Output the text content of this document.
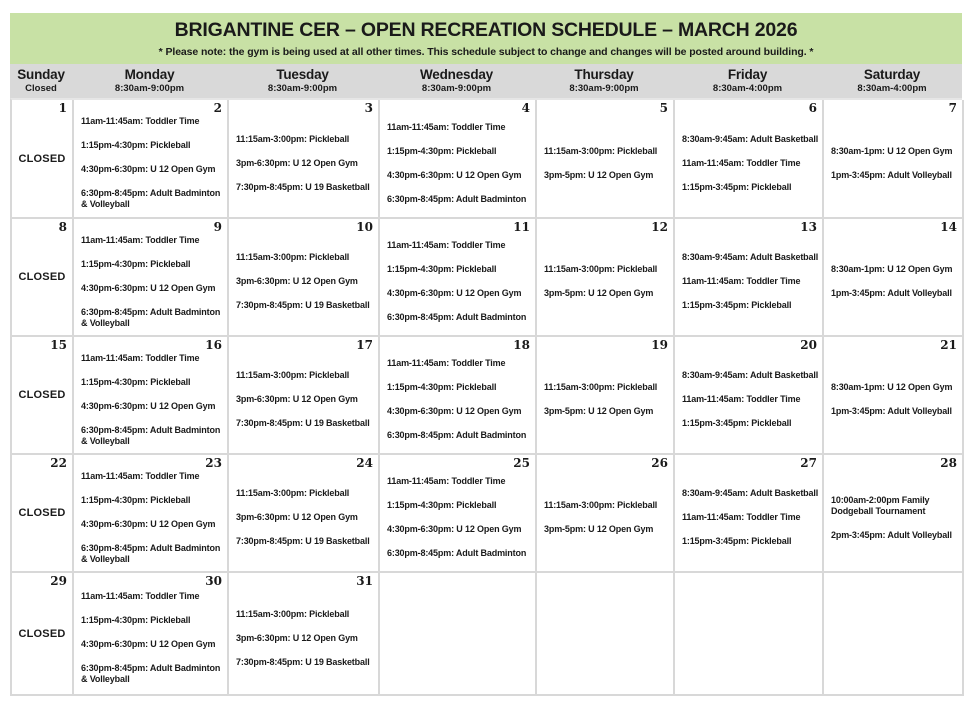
BRIGANTINE CER – OPEN RECREATION SCHEDULE – MARCH 2026
* Please note: the gym is being used at all other times. This schedule subject to change and changes will be posted around building. *
Sunday
Closed
Monday
8:30am-9:00pm
Tuesday
8:30am-9:00pm
Wednesday
8:30am-9:00pm
Thursday
8:30am-9:00pm
Friday
8:30am-4:00pm
Saturday
8:30am-4:00pm
1
CLOSED
2

11am-11:45am: Toddler Time

1:15pm-4:30pm: Pickleball

4:30pm-6:30pm: U 12 Open Gym

6:30pm-8:45pm: Adult Badminton & Volleyball

3

11:15am-3:00pm: Pickleball

3pm-6:30pm: U 12 Open Gym

7:30pm-8:45pm: U 19 Basketball

4

11am-11:45am: Toddler Time

1:15pm-4:30pm: Pickleball

4:30pm-6:30pm: U 12 Open Gym

6:30pm-8:45pm: Adult Badminton

5

11:15am-3:00pm: Pickleball

3pm-5pm: U 12 Open Gym

6

8:30am-9:45am: Adult Basketball

11am-11:45am: Toddler Time

1:15pm-3:45pm: Pickleball

7

8:30am-1pm: U 12 Open Gym

1pm-3:45pm: Adult Volleyball

8
CLOSED
9

11am-11:45am: Toddler Time

1:15pm-4:30pm: Pickleball

4:30pm-6:30pm: U 12 Open Gym

6:30pm-8:45pm: Adult Badminton & Volleyball

10

11:15am-3:00pm: Pickleball

3pm-6:30pm: U 12 Open Gym

7:30pm-8:45pm: U 19 Basketball

11

11am-11:45am: Toddler Time

1:15pm-4:30pm: Pickleball

4:30pm-6:30pm: U 12 Open Gym

6:30pm-8:45pm: Adult Badminton

12

11:15am-3:00pm: Pickleball

3pm-5pm: U 12 Open Gym

13

8:30am-9:45am: Adult Basketball

11am-11:45am: Toddler Time

1:15pm-3:45pm: Pickleball

14

8:30am-1pm: U 12 Open Gym

1pm-3:45pm: Adult Volleyball

15
CLOSED
16

11am-11:45am: Toddler Time

1:15pm-4:30pm: Pickleball

4:30pm-6:30pm: U 12 Open Gym

6:30pm-8:45pm: Adult Badminton & Volleyball

17

11:15am-3:00pm: Pickleball

3pm-6:30pm: U 12 Open Gym

7:30pm-8:45pm: U 19 Basketball

18

11am-11:45am: Toddler Time

1:15pm-4:30pm: Pickleball

4:30pm-6:30pm: U 12 Open Gym

6:30pm-8:45pm: Adult Badminton

19

11:15am-3:00pm: Pickleball

3pm-5pm: U 12 Open Gym

20

8:30am-9:45am: Adult Basketball

11am-11:45am: Toddler Time

1:15pm-3:45pm: Pickleball

21

8:30am-1pm: U 12 Open Gym

1pm-3:45pm: Adult Volleyball

22
CLOSED
23

11am-11:45am: Toddler Time

1:15pm-4:30pm: Pickleball

4:30pm-6:30pm: U 12 Open Gym

6:30pm-8:45pm: Adult Badminton & Volleyball

24

11:15am-3:00pm: Pickleball

3pm-6:30pm: U 12 Open Gym

7:30pm-8:45pm: U 19 Basketball

25

11am-11:45am: Toddler Time

1:15pm-4:30pm: Pickleball

4:30pm-6:30pm: U 12 Open Gym

6:30pm-8:45pm: Adult Badminton

26

11:15am-3:00pm: Pickleball

3pm-5pm: U 12 Open Gym

27

8:30am-9:45am: Adult Basketball

11am-11:45am: Toddler Time

1:15pm-3:45pm: Pickleball

28

10:00am-2:00pm Family Dodgeball Tournament

2pm-3:45pm: Adult Volleyball

29
CLOSED
30

11am-11:45am: Toddler Time

1:15pm-4:30pm: Pickleball

4:30pm-6:30pm: U 12 Open Gym

6:30pm-8:45pm: Adult Badminton & Volleyball

31

11:15am-3:00pm: Pickleball

3pm-6:30pm: U 12 Open Gym

7:30pm-8:45pm: U 19 Basketball
